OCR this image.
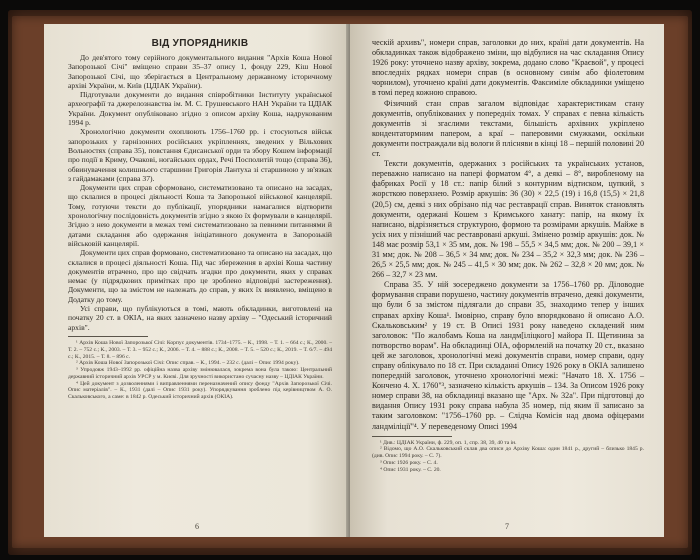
ВІД УПОРЯДНИКІВ

До дев'ятого тому серійного документального видання "Архів Коша Нової Запорозької Січі" вміщено справи 35–37 опису 1, фонду 229, Кіш Нової Запорозької Січі, що зберігається в Центральному державному історичному архіві України, м. Київ (ЦДІАК України).

Підготували документи до видання співробітники Інституту української археографії та джерелознавства ім. М. С. Грушевського НАН України та ЦДІАК України. Документ опубліковано згідно з описом архіву Коша, надрукованим 1994 р.

Хронологічно документи охоплюють 1756–1760 рр. і стосуються військ запорозьких у гарнізонних російських укріпленнях, зведених у Вільхових Вольностях (справа 35), повстання Єдисанської орди та збору Кошем інформації про події в Криму, Очакові, ногайських ордах, Речі Посполитій тощо (справа 36), обвинувачення колишнього старшини Григорія Лантуха зі старшиною у зв'язках з гайдамаками (справа 37).

Документи цих справ сформовано, систематизовано та описано на засадах, що склалися в процесі діяльності Коша та Запорозької військової канцелярії. Тому, готуючи тексти до публікації, упорядники намагалися відтворити хронологічну послідовність документів згідно з якою їх формували в канцелярії. Згідно з нею документи в межах темі систематизовано за певними питаннями й датами складання або одержання ініціативного документа в Запорозькій військовій канцелярії.

Документи цих справ формовано, систематизовано та описано на засадах, що склалися в процесі діяльності Коша. Під час збереження в архіві Коша частину документів втрачено, про що свідчать згадки про документи, яких у справах немає (у підрядкових примітках про це зроблено відповідні застереження). Документи, що за змістом не належать до справ, у яких їх виявлено, вміщено в Додатку до тому.

Усі справи, що публікуються в томі, мають обкладинки, виготовлені на початку 20 ст. в ОКІА, на яких зазначено назву архіву – "Одеський історичний архів".

¹ Архів Коша Нової Запорозької Січі: Корпус документів. 1734–1775. – К., 1998. – Т. 1. – 664 с.; К., 2000. – Т. 2. – 752 с.; К., 2003. – Т. 3. – 952 с.; К., 2006. – Т. 4. – 888 с.; К., 2008. – Т. 5. – 520 с.; К., 2019. – Т. 6/7. – 494 с.; К., 2015. – Т. 8. – 896 с.

² Архів Коша Нової Запорозької Січі: Опис справ. – К., 1994. – 232 с. (далі – Опис 1994 року).

³ Упродовж 1943–1992 рр. офіційна назва архіву змінювалася, зокрема вона була такою: Центральний державний історичний архів УРСР у м. Києві. Для зручності використано сучасну назву – ЦДІАК України.

⁴ Цей документ з дозволеннями і виправленнями переназначений опису фонду "Архів Запорозької Січі. Опис матеріалів". – К., 1931 (далі – Опис 1931 року). Упорядкування зроблено під керівництвом А. О. Скальковського, а саме: в 1842 р. Одеський історичний архів (ОКІА).

6

ческій архивъ", номери справ, заголовки до них, країні дати документів. На обкладинках також відображено зміни, що відбулися на час складання Опису 1926 року: уточнено назву архіву, зокрема, додано слово "Краєвой", у процесі впоследніх рядках номери справ (в основному синім або фіолетовим чорнилом), уточнено країні дати документів. Факсиміле обкладинки уміщено в томі перед кожною справою.

Фізичний стан справ загалом відповідає характеристикам стану документів, опублікованих у попередніх томах. У справах є певна кількість документів зі згаслими текстами, більшість архівних укріплено кондентатормним папером, а краї – паперовими смужками, оскільки документи постраждали від вологи й плісняви в кінці 18 – першій половині 20 ст.

Тексти документів, одержаних з російських та українських установ, переважно написано на папері форматом 4°, а деякі – 8°, виробленому на фабриках Росії у 18 ст.: папір білий з контурним відтиском, цупкий, з жорсткою поверхнею. Розмір аркушів: 36 (30) × 22,5 (19) і 16,8 (15,5) × 21,8 (20,5) см, деякі з них обрізано під час реставрації справ. Виняток становлять документи, одержані Кошем з Кримського ханату: папір, на якому їх написано, відрізняється структурою, формою та розмірами аркушів. Майже в усіх них у пізніший час реставровані аркуші. Змінено розмір аркушів: док. № 148 має розмір 53,1 × 35 мм, док. № 198 – 55,5 × 34,5 мм; док. № 200 – 39,1 × 31 мм; док. № 208 – 36,5 × 34 мм; док. № 234 – 35,2 × 32,3 мм; док. № 236 – 26,5 × 25,5 мм; док. № 245 – 41,5 × 30 мм; док. № 262 – 32,8 × 20 мм; док. № 266 – 32,7 × 23 мм.

Справа 35. У ній зосереджено документи за 1756–1760 рр. Діловодне формування справи порушено, частину документів втрачено, деякі документи, що були б за змістом підлягали до справи 35, знаходимо тепер у інших справах архіву Коша¹. Імовірно, справу було впорядковано й описано А.О. Скальковським² у 19 ст. В Описі 1931 року наведено складений ним заголовок: "По жалобамъ Коша на ландм[іліцкого] майора П. Щетинина за потворство ворам". На обкладинці ОІА, оформленій на початку 20 ст., вказано цей же заголовок, хронологічні межі документів справи, номер справи, одну справу облікувало по 18 ст. При складанні Опису 1926 року в ОКІА залишено попередній заголовок, уточнено хронологічні межі: "Начато 18. Х. 1756 – Кончено 4. Х. 1760"³, зазначено кількість аркушів – 134. За Описом 1926 року номер справи 38, на обкладинці вказано ще "Арх. № 32а". При підготовці до видання Опису 1931 року справа набула 35 номер, під яким її записано за таким заголовком: "1756–1760 рр. – Слідча Комісія над двома офіцерами ландміліції"⁴. У переведеному Описі 1994

¹ Див.: ЦДІАК України, ф. 229, оп. 1, спр. 38, 39, 40 та ін.

² Відомо, що А.О. Скальковський склав два описи до Архіву Коша: один 1841 р., другий – близько 1845 р. (див. Опис 1994 року. – С. 7).

³ Опис 1926 року. – С. 4.

⁴ Опис 1931 року. – С. 20.

7
